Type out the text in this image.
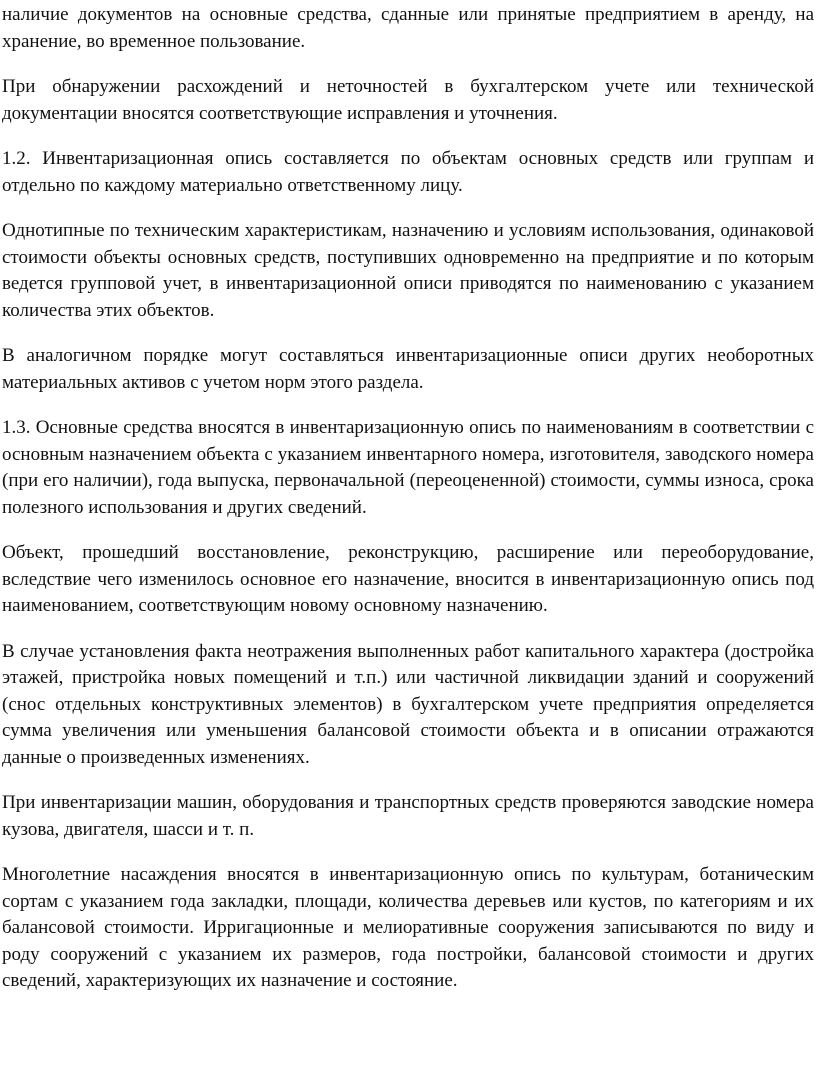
наличие документов на основные средства, сданные или принятые предприятием в аренду, на хранение, во временное пользование.

При обнаружении расхождений и неточностей в бухгалтерском учете или технической документации вносятся соответствующие исправления и уточнения.

1.2. Инвентаризационная опись составляется по объектам основных средств или группам и отдельно по каждому материально ответственному лицу.

Однотипные по техническим характеристикам, назначению и условиям использования, одинаковой стоимости объекты основных средств, поступивших одновременно на предприятие и по которым ведется групповой учет, в инвентаризационной описи приводятся по наименованию с указанием количества этих объектов.

В аналогичном порядке могут составляться инвентаризационные описи других необоротных материальных активов с учетом норм этого раздела.

1.3. Основные средства вносятся в инвентаризационную опись по наименованиям в соответствии с основным назначением объекта с указанием инвентарного номера, изготовителя, заводского номера (при его наличии), года выпуска, первоначальной (переоцененной) стоимости, суммы износа, срока полезного использования и других сведений.

Объект, прошедший восстановление, реконструкцию, расширение или переоборудование, вследствие чего изменилось основное его назначение, вносится в инвентаризационную опись под наименованием, соответствующим новому основному назначению.

В случае установления факта неотражения выполненных работ капитального характера (достройка этажей, пристройка новых помещений и т.п.) или частичной ликвидации зданий и сооружений (снос отдельных конструктивных элементов) в бухгалтерском учете предприятия определяется сумма увеличения или уменьшения балансовой стоимости объекта и в описании отражаются данные о произведенных изменениях.

При инвентаризации машин, оборудования и транспортных средств проверяются заводские номера кузова, двигателя, шасси и т. п.

Многолетние насаждения вносятся в инвентаризационную опись по культурам, ботаническим сортам с указанием года закладки, площади, количества деревьев или кустов, по категориям и их балансовой стоимости. Ирригационные и мелиоративные сооружения записываются по виду и роду сооружений с указанием их размеров, года постройки, балансовой стоимости и других сведений, характеризующих их назначение и состояние.
